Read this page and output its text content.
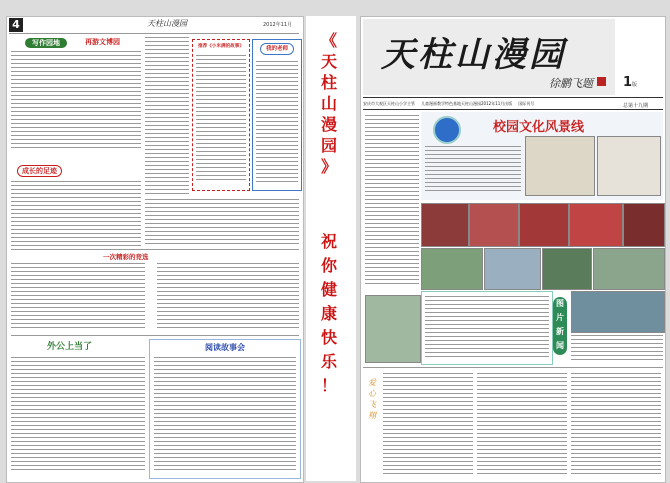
4	天柱山漫园	2012年11月
写作园地	再游文博园
推荐《小米满的故事》	我的老师
成长的足迹
一次精彩的竞选
外公上当了	阅读故事会
《
天
柱
山
漫
园
》
祝
你
健
康
快
乐
！
天柱山漫园
徐鹏飞题 1版
总第十九期
安庆市大观区天柱山小学主管 儿童漫画教学特色基地天柱山漫园2012年11月出版 国际刊号
校园文化风景线
图
片
新
闻
爱
心
飞
翔
